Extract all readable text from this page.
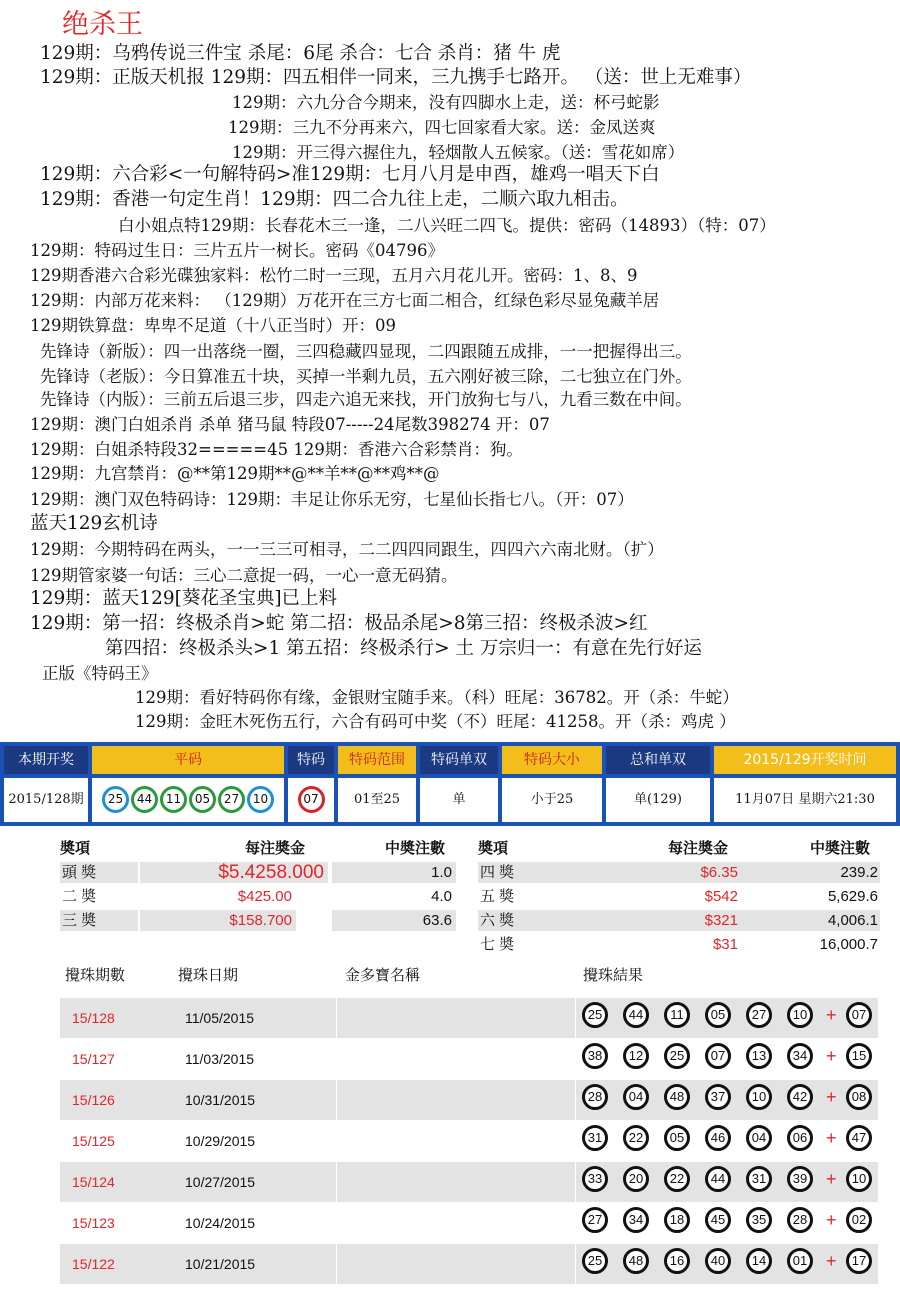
绝杀王
129期：乌鸦传说三件宝 杀尾：6尾 杀合：七合 杀肖：猪 牛 虎
129期：正版天机报 129期：四五相伴一同来，三九携手七路开。 （送：世上无难事）
129期：六九分合今期来，没有四脚水上走，送：杯弓蛇影
129期：三九不分再来六，四七回家看大家。送：金凤送爽
129期：开三得六握住九，轻烟散人五候家。（送：雪花如席）
129期：六合彩<一句解特码>准129期：七月八月是申酉，雄鸡一唱天下白
129期：香港一句定生肖！129期：四二合九往上走，二顺六取九相击。
白小姐点特129期：长春花木三一逢，二八兴旺二四飞。提供：密码（14893）（特：07）
129期：特码过生日：三片五片一树长。密码《04796》
129期香港六合彩光碟独家料：松竹二时一三现，五月六月花儿开。密码：1、8、9
129期：内部万花来料： （129期）万花开在三方七面二相合，红绿色彩尽显兔藏羊居
129期铁算盘：卑卑不足道（十八正当时）开：09
先锋诗（新版）：四一出落绕一圈，三四稳藏四显现，二四跟随五成排，一一把握得出三。
先锋诗（老版）：今日算准五十块，买掉一半剩九员，五六刚好被三除，二七独立在门外。
先锋诗（内版）：三前五后退三步，四走六追无来找，开门放狗七与八，九看三数在中间。
129期：澳门白姐杀肖 杀单 猪马鼠 特段07-----24尾数398274 开：07
129期：白姐杀特段32=====45 129期：香港六合彩禁肖：狗。
129期：九宫禁肖：@**第129期**@**羊**@**鸡**@
129期：澳门双色特码诗：129期：丰足让你乐无穷，七星仙长指七八。（开：07）
蓝天129玄机诗
129期：今期特码在两头，一一三三可相寻，二二四四同跟生，四四六六南北财。（扩）
129期管家婆一句话：三心二意捉一码，一心一意无码猜。
129期：蓝天129[葵花圣宝典]已上料
129期：第一招：终极杀肖>蛇 第二招：极品杀尾>8第三招：终极杀波>红
第四招：终极杀头>1 第五招：终极杀行> 土 万宗归一：有意在先行好运
正版《特码王》
129期：看好特码你有缘，金银财宝随手来。（科）旺尾：36782。开（杀：牛蛇）
129期：金旺木死伤五行，六合有码可中奖（不）旺尾：41258。开（杀：鸡虎 ）
本期开奖	平码	特码	特码范围	特码单双	特码大小	总和单双	2015/129开奖时间
2015/128期	25 44 11 05 27 10	07	01至25	单	小于25	单(129)	11月07日 星期六21:30
奬項	每注奬金	中奬注數 奬項	每注奬金	中奬注數
頭 獎	$5.4258.000	1.0
二 奬	$425.00	4.0
三 奬	$158.700	63.6
四 獎	$6.35	239.2
五 獎	$542	5,629.6
六 獎	$321	4,006.1
七 奬	$31	16,000.7
攪珠期數	攪珠日期	金多寶名稱	攪珠結果
15/128	11/05/2015	25	44	11	05	27	10	+	07
15/127	11/03/2015	38	12	25	07	13	34	+	15
15/126	10/31/2015	28	04	48	37	10	42	+	08
15/125	10/29/2015	31	22	05	46	04	06	+	47
15/124	10/27/2015	33	20	22	44	31	39	+	10
15/123	10/24/2015	27	34	18	45	35	28	+	02
15/122	10/21/2015	25	48	16	40	14	01	+	17
